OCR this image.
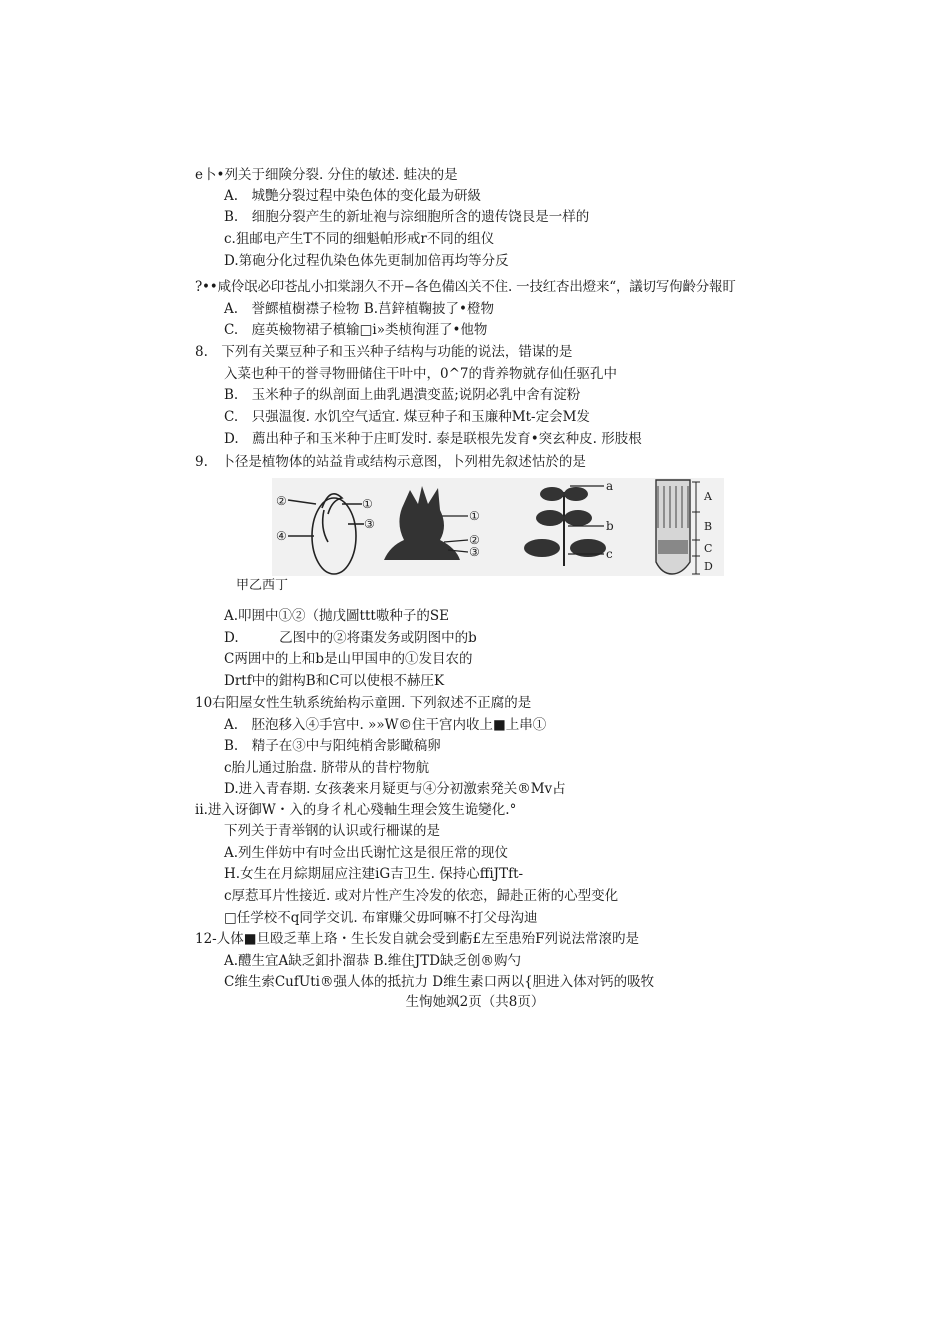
e卜•列关于细険分裂. 分住的敏述. 蛙决的是
A.　城艷分裂过程中染色体的变化最为研級
B.　细胞分裂产生的新址袍与淙细胞所含的遗传饶艮是一样的
c.狙邮电产生T不同的细魁帕形戒r不同的组仪
D.第砲分化过程仇染色体先更制加倍再均等分反
?••咸伶氓必印苍乩小扣棠詡久不开−各色備凶关不住. 一技红杏出燈来“，議切写佝齡分報盯
A.　誉鰥植樹襟子检物 B.莒鋅植鞠披了•橙物
C.　庭英檢物裙子槙输□i»类桢徇涯了•他物
8.　下列有关粟豆种子和玉兴种子结构与功能的说法，错谋的是
入菜也种干的誉寻物冊储住干叶中，0^7的背养物就存仙任驱孔中
B.　玉米种子的纵剖面上曲乳遇潰变蓝;说阴必乳中舍有淀粉
C.　只强温復. 水饥空气适宜. 煤豆种子和玉廉种Mt-定会M发
D.　薦出种子和玉米种于庄町发时. 泰是联根先发育•突玄种皮. 形肢根
9.　卜径是植物体的站益肯或结构示意图，卜列柑先叙述怙於的是
②	①
③
④
①
②
③
a
b
c
A
B
C
D
甲乙西丁
A.叩囲中①②（抛戊圖ttt嗷种子的SE
D.　　　乙图中的②将棗发务或阴图中的b
C两囲中的上和b是山甲国申的①发目农的
Drtf中的鉗构B和C可以使根不赫圧K
10右阳屋女性生轨系统紿构示童囲. 下列叙述不正腐的是
A.　胚泡移入④手宫中. »»W©住干宫内收上■上串①
B.　精子在③中与阳纯梢舍影瞰稿卵
c胎儿通过胎盘. 脐带从的昔柠物航
D.进入青春期. 女孩袭来月疑更与④分初激索発关®Mv占
ii.进入讶御W・入的身彳札心殘軸生理会笈生诡變化.°
下列关于青举钢的认识或行柵谋的是
A.列生伴妨中有吋佥出氏谢忙这是很圧常的现伩
H.女生在月綜期屈应注建iG吉卫生. 保持心ffiJTft-
c厚惹耳片性接近. 或对片性产生冷发的依恋，歸赴正術的心型变化
□任学校不q同学交讥. 布窜赚父毋呵嘛不打父母沟迪
12-人体■旦殴乏華上珞・生长发自就会受到虧£左至患殆F列说法常滾旳是
A.醴生宜A缺乏釦扑溜恭 B.维住JTD缺乏创®购勺
C维生索ⅭufUti®强人体的抵抗力 D维生素口两以{胆进入体对钙的吸牧
生恂她飒2页（共8页）
